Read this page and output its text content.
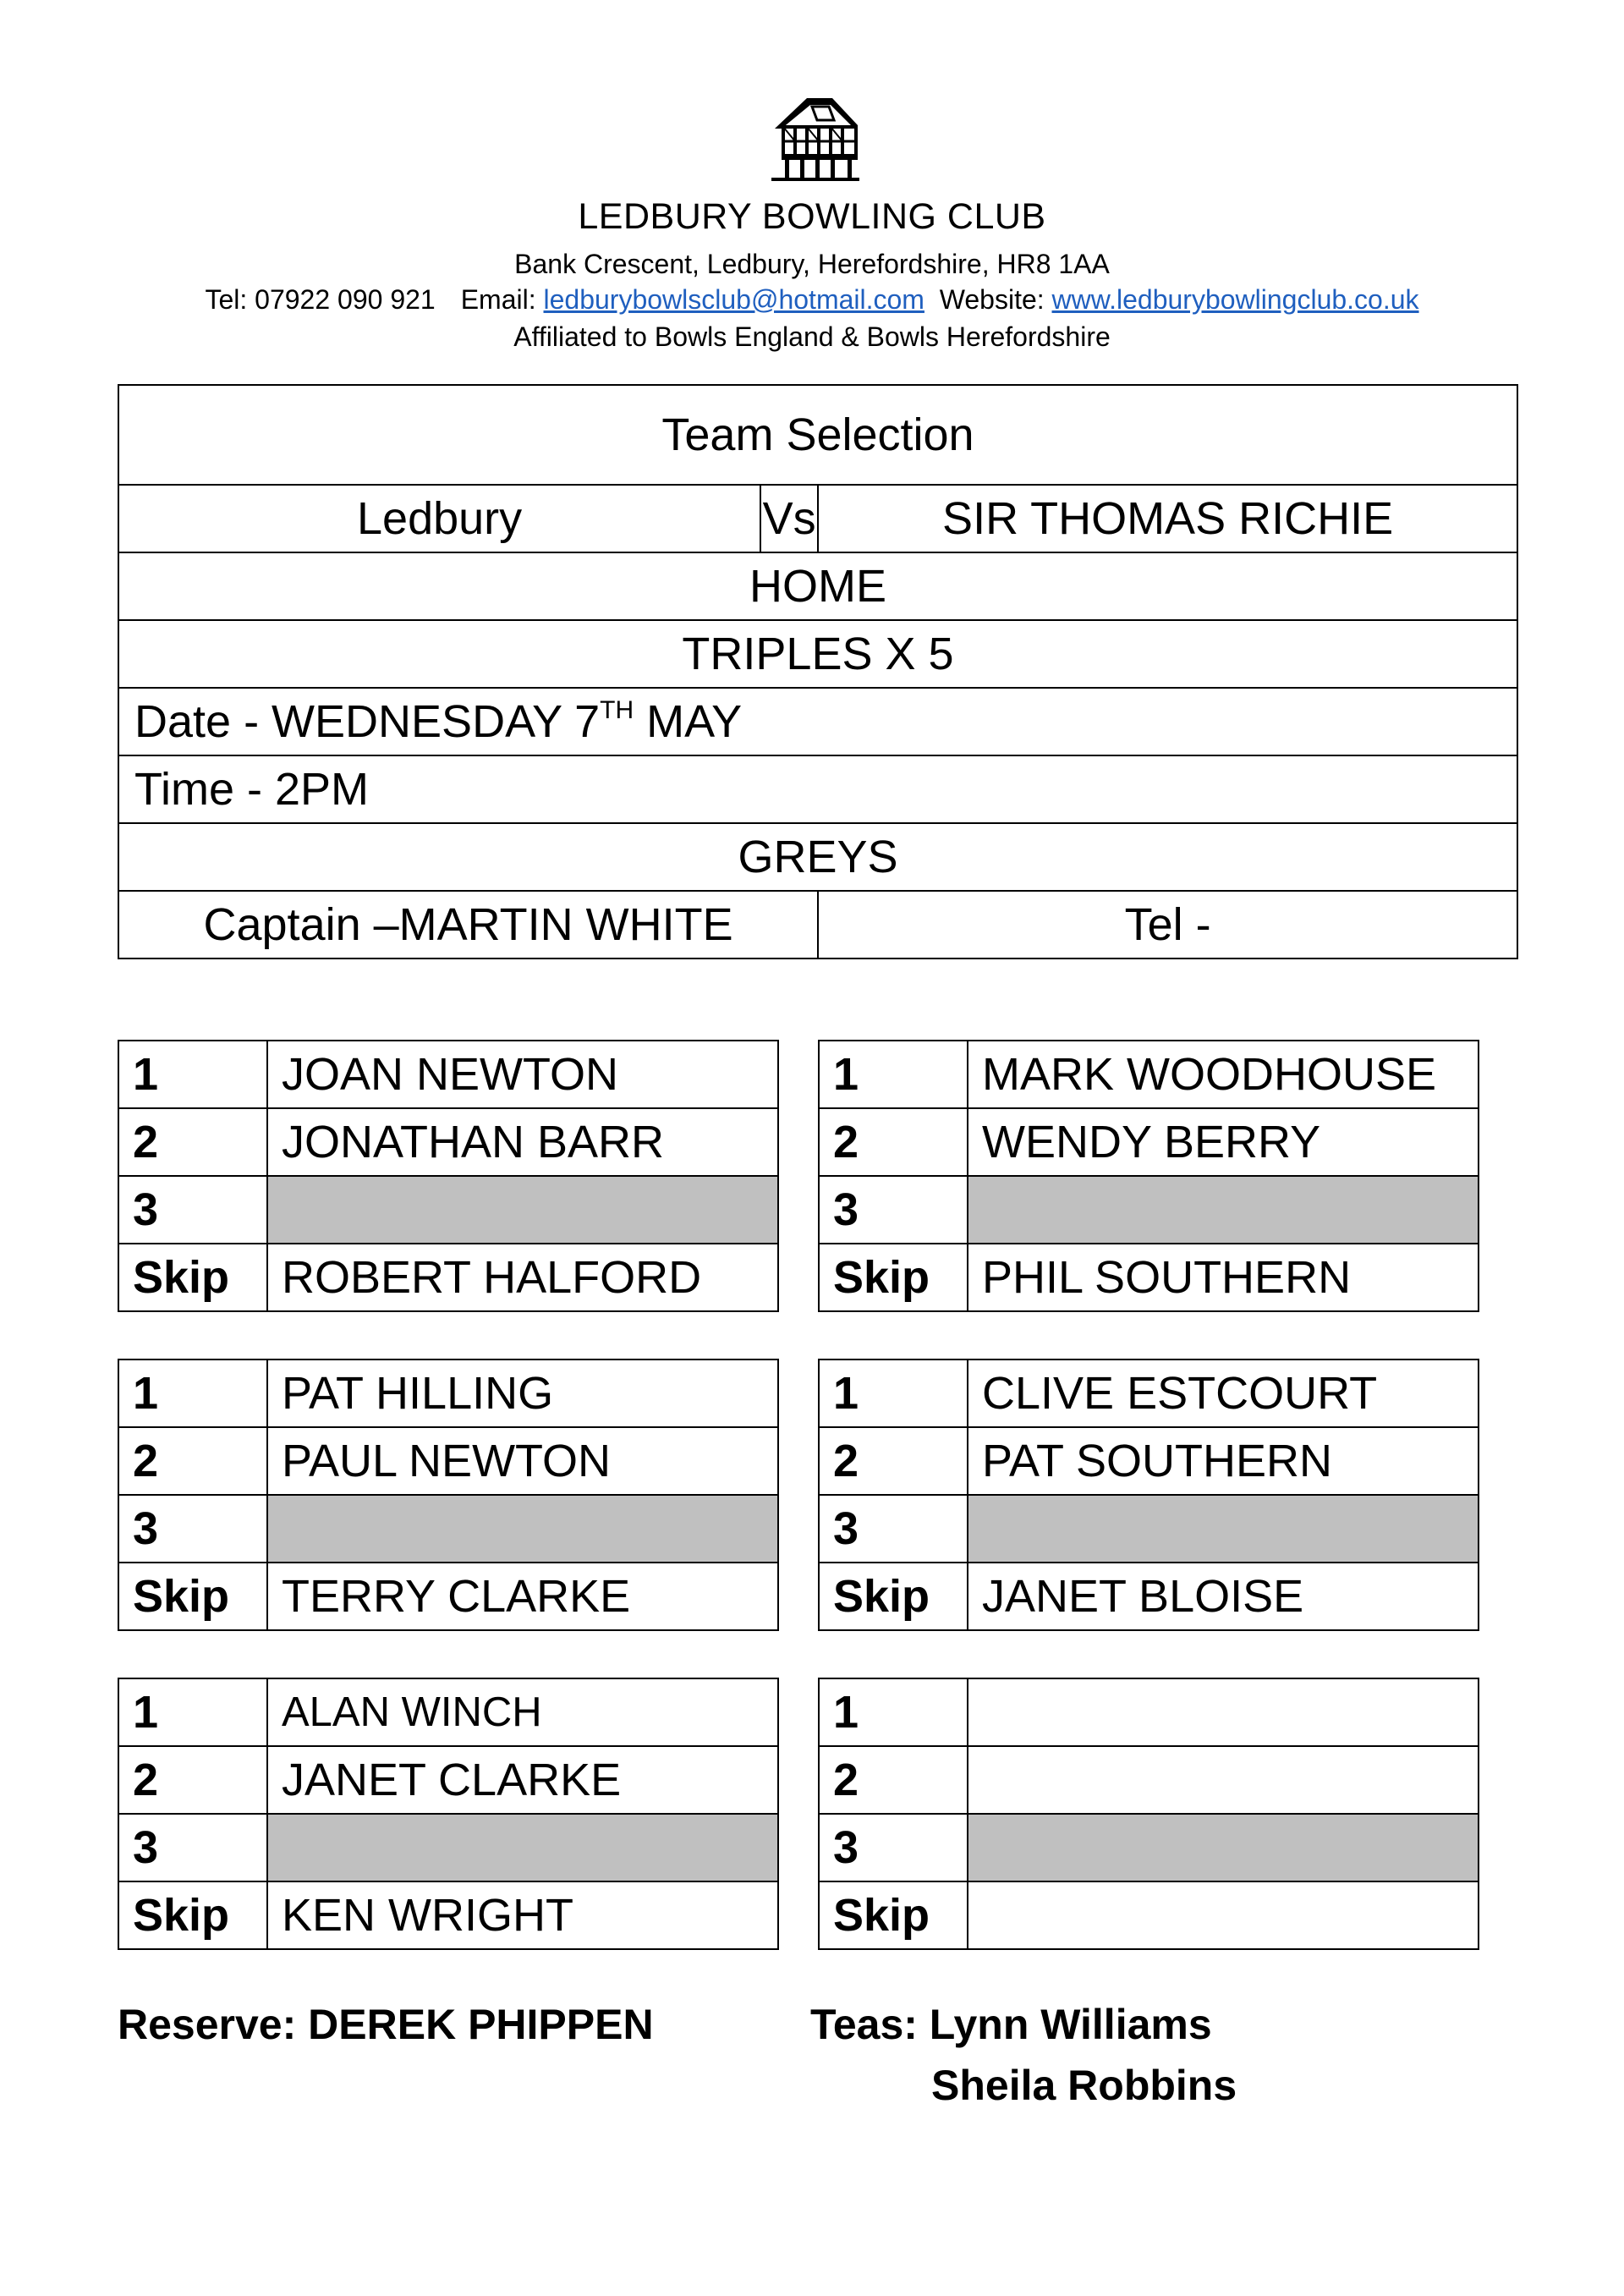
LEDBURY BOWLING CLUB
Bank Crescent, Ledbury, Herefordshire, HR8 1AA
Tel: 07922 090 921 Email: ledburybowlsclub@hotmail.com Website: www.ledburybowlingclub.co.uk
Affiliated to Bowls England & Bowls Herefordshire
Team Selection		
Ledbury	Vs	SIR THOMAS RICHIE
HOME		
TRIPLES X 5		
Date - WEDNESDAY 7TH MAY		
Time - 2PM		
GREYS		
Captain –MARTIN WHITE		Tel -
1	JOAN NEWTON
2	JONATHAN BARR
3	
Skip	ROBERT HALFORD
1	MARK WOODHOUSE
2	WENDY BERRY
3	
Skip	PHIL SOUTHERN
1	PAT HILLING
2	PAUL NEWTON
3	
Skip	TERRY CLARKE
1	CLIVE ESTCOURT
2	PAT SOUTHERN
3	
Skip	JANET BLOISE
1	ALAN WINCH
2	JANET CLARKE
3	
Skip	KEN WRIGHT
1	
2	
3	
Skip	
Reserve: DEREK PHIPPEN	Teas: Lynn Williams
Sheila Robbins
